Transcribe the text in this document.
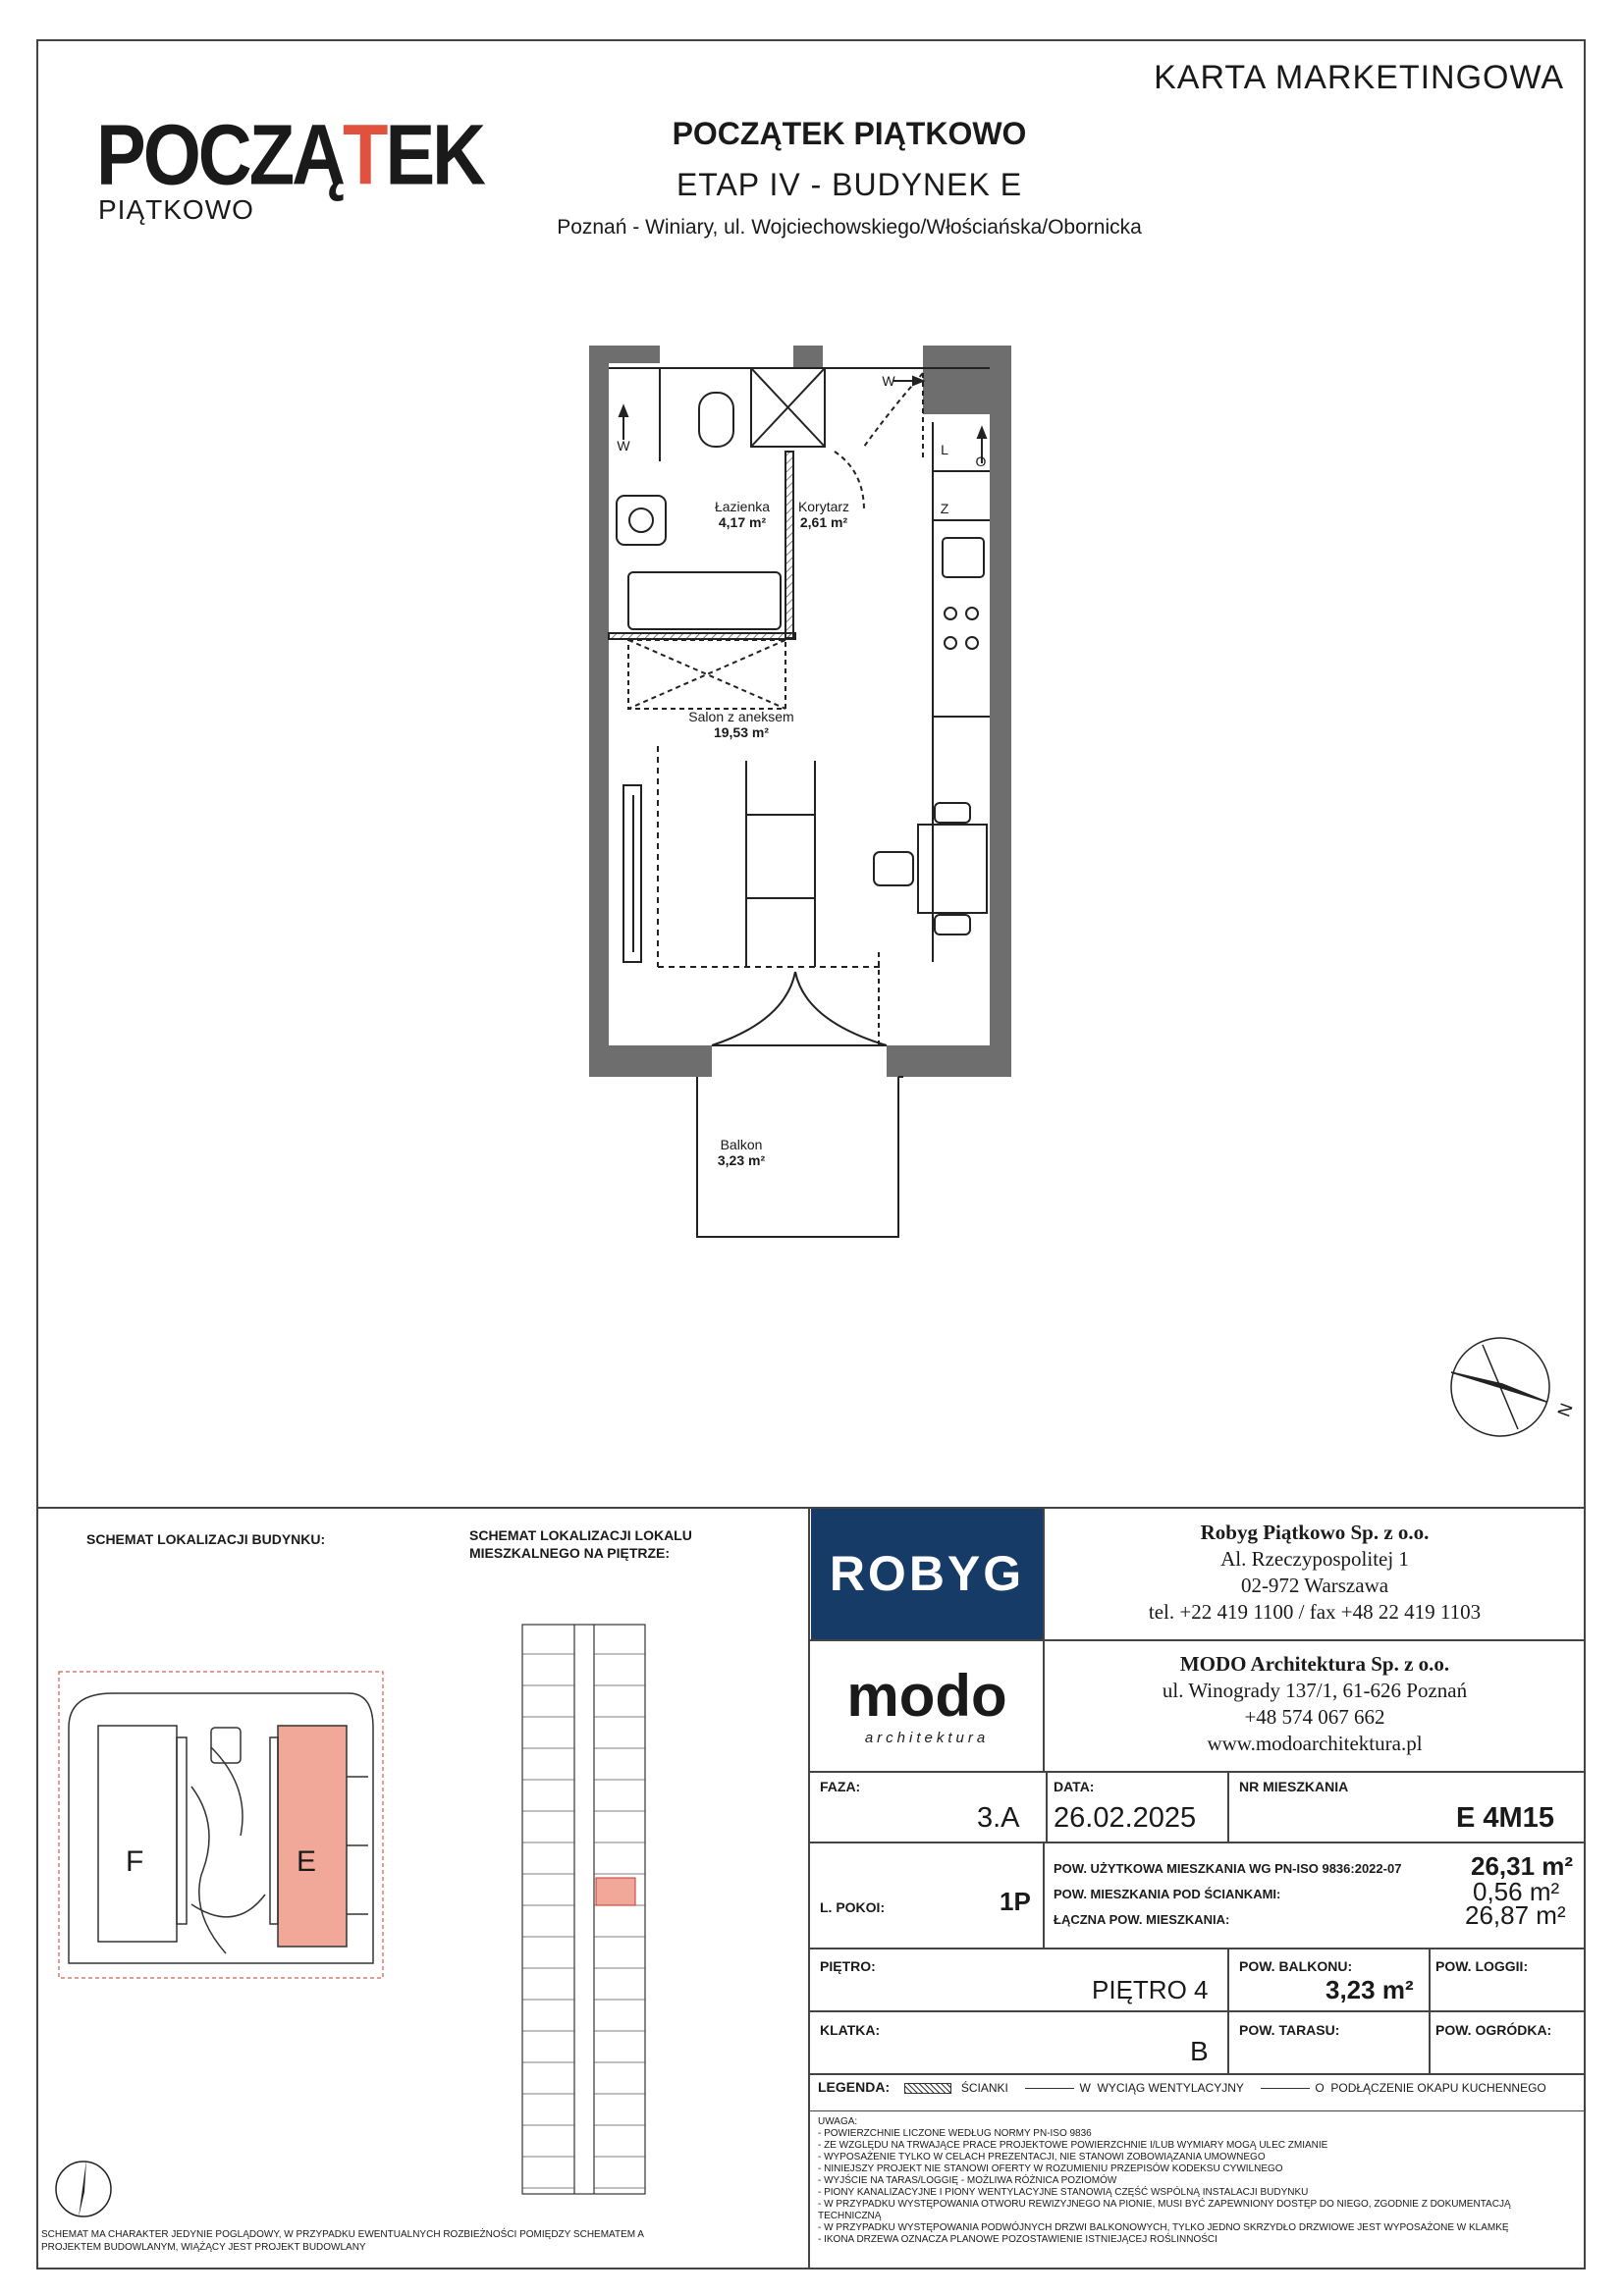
KARTA MARKETINGOWA
POCZĄTEK
PIĄTKOWO
POCZĄTEK PIĄTKOWO
ETAP IV - BUDYNEK E
Poznań - Winiary, ul. Wojciechowskiego/Włościańska/Obornicka
Łazienka
4,17 m²
Korytarz
2,61 m²
Salon z aneksem
19,53 m²
Balkon
3,23 m²
W
W
O
L
Z
N
SCHEMAT LOKALIZACJI BUDYNKU:	SCHEMAT LOKALIZACJI LOKALU
MIESZKALNEGO NA PIĘTRZE:
F	E
SCHEMAT MA CHARAKTER JEDYNIE POGLĄDOWY, W PRZYPADKU EWENTUALNYCH ROZBIEŻNOŚCI POMIĘDZY SCHEMATEM A
PROJEKTEM BUDOWLANYM, WIĄŻĄCY JEST PROJEKT BUDOWLANY
ROBYG
modo
architektura
Robyg Piątkowo Sp. z o.o.
Al. Rzeczypospolitej 1
02-972 Warszawa
tel. +22 419 1100 / fax +48 22 419 1103
MODO Architektura Sp. z o.o.
ul. Winogrady 137/1, 61-626 Poznań
+48 574 067 662
www.modoarchitektura.pl
FAZA:
3.A
DATA:
26.02.2025
NR MIESZKANIA
E 4M15
L. POKOI:	1P
POW. UŻYTKOWA MIESZKANIA WG PN-ISO 9836:2022-07	26,31 m²
POW. MIESZKANIA POD ŚCIANKAMI:	0,56 m²
ŁĄCZNA POW. MIESZKANIA:	26,87 m²
PIĘTRO:
PIĘTRO 4
POW. BALKONU:
3,23 m²
POW. LOGGII:
KLATKA:
B
POW. TARASU:	POW. OGRÓDKA:
LEGENDA:	ŚCIANKI	W WYCIĄG WENTYLACYJNY	O PODŁĄCZENIE OKAPU KUCHENNEGO
UWAGA:
- POWIERZCHNIE LICZONE WEDŁUG NORMY PN-ISO 9836
- ZE WZGLĘDU NA TRWAJĄCE PRACE PROJEKTOWE POWIERZCHNIE I/LUB WYMIARY MOGĄ ULEC ZMIANIE
- WYPOSAŻENIE TYLKO W CELACH PREZENTACJI, NIE STANOWI ZOBOWIĄZANIA UMOWNEGO
- NINIEJSZY PROJEKT NIE STANOWI OFERTY W ROZUMIENIU PRZEPISÓW KODEKSU CYWILNEGO
- WYJŚCIE NA TARAS/LOGGIĘ - MOŻLIWA RÓŻNICA POZIOMÓW
- PIONY KANALIZACYJNE I PIONY WENTYLACYJNE STANOWIĄ CZĘŚĆ WSPÓLNĄ INSTALACJI BUDYNKU
- W PRZYPADKU WYSTĘPOWANIA OTWORU REWIZYJNEGO NA PIONIE, MUSI BYĆ ZAPEWNIONY DOSTĘP DO NIEGO, ZGODNIE Z DOKUMENTACJĄ
TECHNICZNĄ
- W PRZYPADKU WYSTĘPOWANIA PODWÓJNYCH DRZWI BALKONOWYCH, TYLKO JEDNO SKRZYDŁO DRZWIOWE JEST WYPOSAŻONE W KLAMKĘ
- IKONA DRZEWA OZNACZA PLANOWE POZOSTAWIENIE ISTNIEJĄCEJ ROŚLINNOŚCI
